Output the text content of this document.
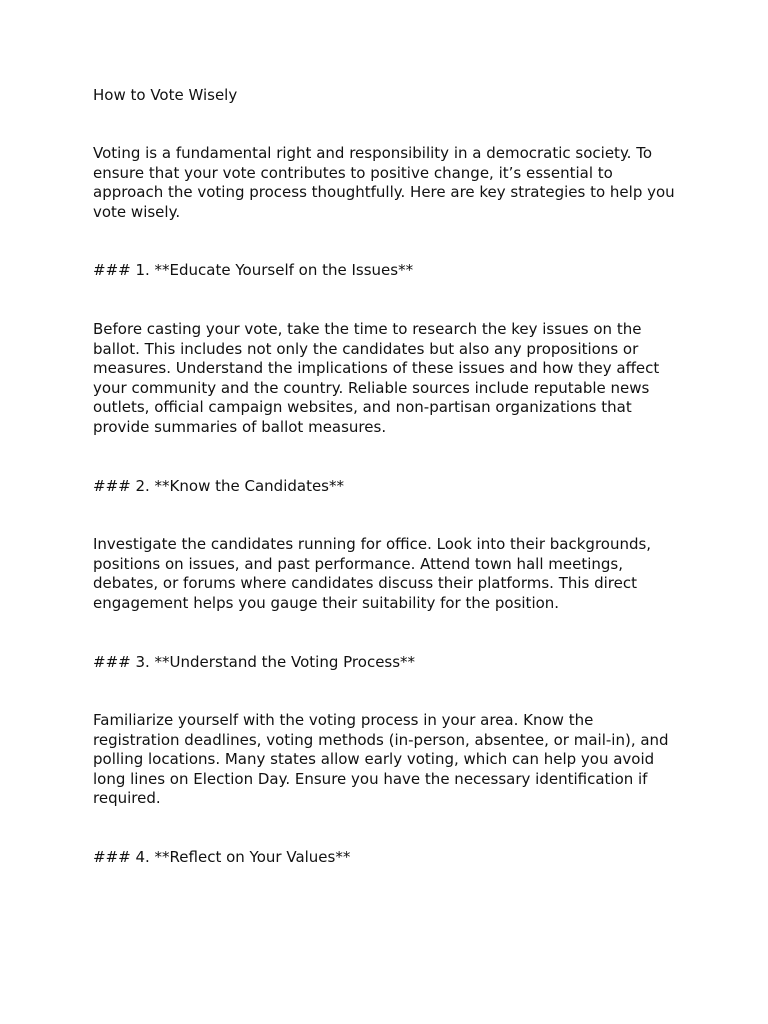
How to Vote Wisely

Voting is a fundamental right and responsibility in a democratic society. To ensure that your vote contributes to positive change, it’s essential to approach the voting process thoughtfully. Here are key strategies to help you vote wisely.

### 1. **Educate Yourself on the Issues**

Before casting your vote, take the time to research the key issues on the ballot. This includes not only the candidates but also any propositions or measures. Understand the implications of these issues and how they affect your community and the country. Reliable sources include reputable news outlets, official campaign websites, and non-partisan organizations that provide summaries of ballot measures.

### 2. **Know the Candidates**

Investigate the candidates running for office. Look into their backgrounds, positions on issues, and past performance. Attend town hall meetings, debates, or forums where candidates discuss their platforms. This direct engagement helps you gauge their suitability for the position.

### 3. **Understand the Voting Process**

Familiarize yourself with the voting process in your area. Know the registration deadlines, voting methods (in-person, absentee, or mail-in), and polling locations. Many states allow early voting, which can help you avoid long lines on Election Day. Ensure you have the necessary identification if required.

### 4. **Reflect on Your Values**
